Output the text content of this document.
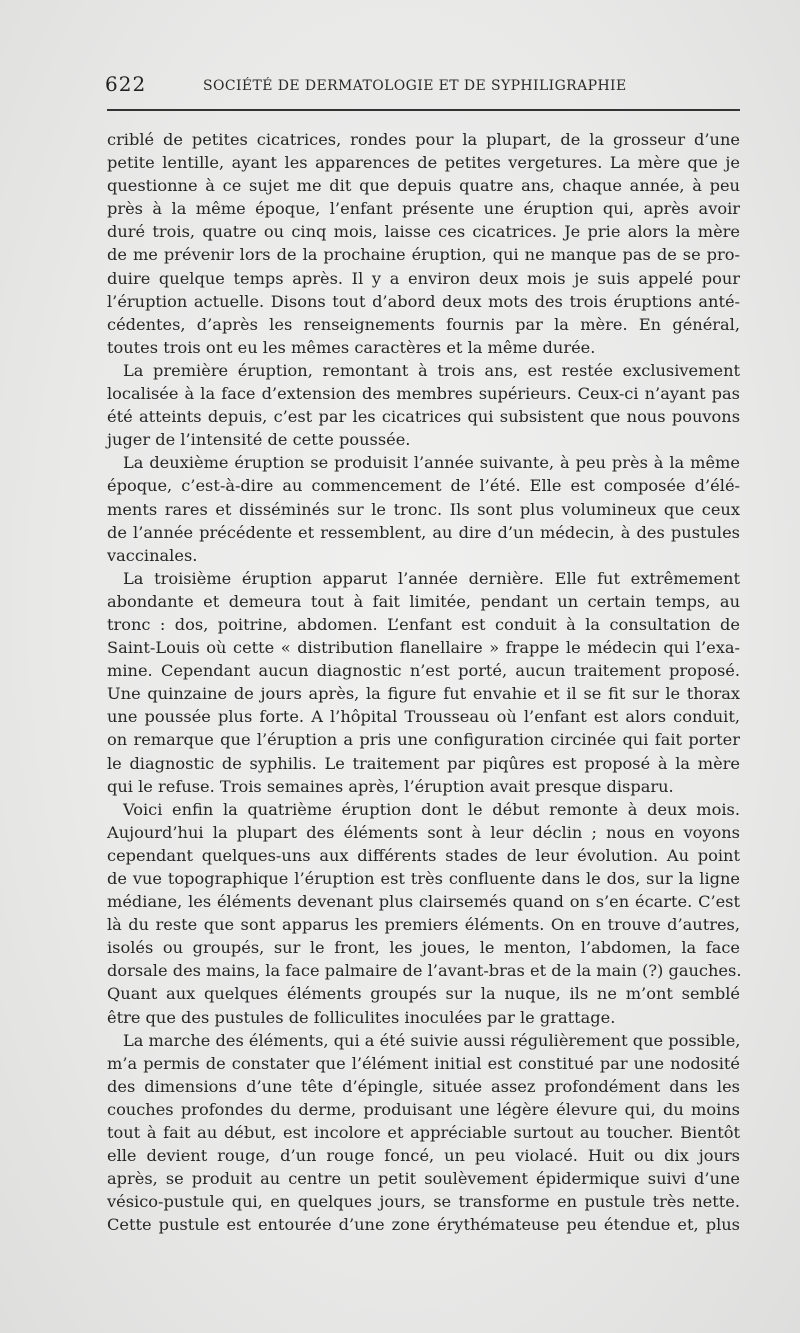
622	SOCIÉTÉ DE DERMATOLOGIE ET DE SYPHILIGRAPHIE
criblé de petites cicatrices, rondes pour la plupart, de la grosseur d’une
petite lentille, ayant les apparences de petites vergetures. La mère que je
questionne à ce sujet me dit que depuis quatre ans, chaque année, à peu
près à la même époque, l’enfant présente une éruption qui, après avoir
duré trois, quatre ou cinq mois, laisse ces cicatrices. Je prie alors la mère
de me prévenir lors de la prochaine éruption, qui ne manque pas de se pro-
duire quelque temps après. Il y a environ deux mois je suis appelé pour
l’éruption actuelle. Disons tout d’abord deux mots des trois éruptions anté-
cédentes, d’après les renseignements fournis par la mère. En général,
toutes trois ont eu les mêmes caractères et la même durée.
La première éruption, remontant à trois ans, est restée exclusivement
localisée à la face d’extension des membres supérieurs. Ceux-ci n’ayant pas
été atteints depuis, c’est par les cicatrices qui subsistent que nous pouvons
juger de l’intensité de cette poussée.
La deuxième éruption se produisit l’année suivante, à peu près à la même
époque, c’est-à-dire au commencement de l’été. Elle est composée d’élé-
ments rares et disséminés sur le tronc. Ils sont plus volumineux que ceux
de l’année précédente et ressemblent, au dire d’un médecin, à des pustules
vaccinales.
La troisième éruption apparut l’année dernière. Elle fut extrêmement
abondante et demeura tout à fait limitée, pendant un certain temps, au
tronc : dos, poitrine, abdomen. L’enfant est conduit à la consultation de
Saint-Louis où cette « distribution flanellaire » frappe le médecin qui l’exa-
mine. Cependant aucun diagnostic n’est porté, aucun traitement proposé.
Une quinzaine de jours après, la figure fut envahie et il se fit sur le thorax
une poussée plus forte. A l’hôpital Trousseau où l’enfant est alors conduit,
on remarque que l’éruption a pris une configuration circinée qui fait porter
le diagnostic de syphilis. Le traitement par piqûres est proposé à la mère
qui le refuse. Trois semaines après, l’éruption avait presque disparu.
Voici enfin la quatrième éruption dont le début remonte à deux mois.
Aujourd’hui la plupart des éléments sont à leur déclin ; nous en voyons
cependant quelques-uns aux différents stades de leur évolution. Au point
de vue topographique l’éruption est très confluente dans le dos, sur la ligne
médiane, les éléments devenant plus clairsemés quand on s’en écarte. C’est
là du reste que sont apparus les premiers éléments. On en trouve d’autres,
isolés ou groupés, sur le front, les joues, le menton, l’abdomen, la face
dorsale des mains, la face palmaire de l’avant-bras et de la main (?) gauches.
Quant aux quelques éléments groupés sur la nuque, ils ne m’ont semblé
être que des pustules de folliculites inoculées par le grattage.
La marche des éléments, qui a été suivie aussi régulièrement que possible,
m’a permis de constater que l’élément initial est constitué par une nodosité
des dimensions d’une tête d’épingle, située assez profondément dans les
couches profondes du derme, produisant une légère élevure qui, du moins
tout à fait au début, est incolore et appréciable surtout au toucher. Bientôt
elle devient rouge, d’un rouge foncé, un peu violacé. Huit ou dix jours
après, se produit au centre un petit soulèvement épidermique suivi d’une
vésico-pustule qui, en quelques jours, se transforme en pustule très nette.
Cette pustule est entourée d’une zone érythémateuse peu étendue et, plus
